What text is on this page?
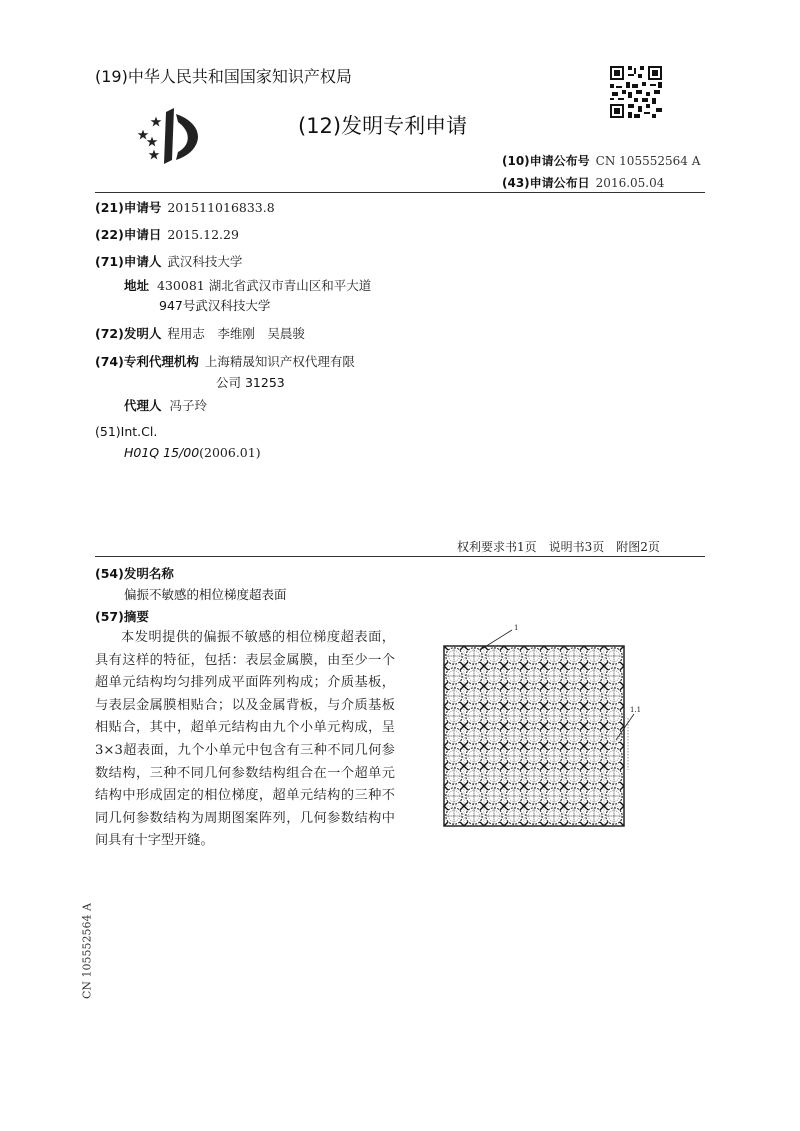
(19)中华人民共和国国家知识产权局
(12)发明专利申请
(10)申请公布号 CN 105552564 A
(43)申请公布日 2016.05.04
(21)申请号 201511016833.8
(22)申请日 2015.12.29
(71)申请人 武汉科技大学
地址 430081 湖北省武汉市青山区和平大道
947号武汉科技大学
(72)发明人 程用志　李维刚　吴晨骏
(74)专利代理机构 上海精晟知识产权代理有限
公司 31253
代理人 冯子玲
(51)Int.Cl.
H01Q 15/00(2006.01)
权利要求书1页　说明书3页　附图2页
(54)发明名称
偏振不敏感的相位梯度超表面
(57)摘要

本发明提供的偏振不敏感的相位梯度超表面，具有这样的特征，包括：表层金属膜，由至少一个超单元结构均匀排列成平面阵列构成；介质基板，与表层金属膜相贴合；以及金属背板，与介质基板相贴合，其中，超单元结构由九个小单元构成，呈3×3超表面，九个小单元中包含有三种不同几何参数结构，三种不同几何参数结构组合在一个超单元结构中形成固定的相位梯度，超单元结构的三种不同几何参数结构为周期图案阵列，几何参数结构中间具有十字型开缝。

1
1.1
CN 105552564 A
